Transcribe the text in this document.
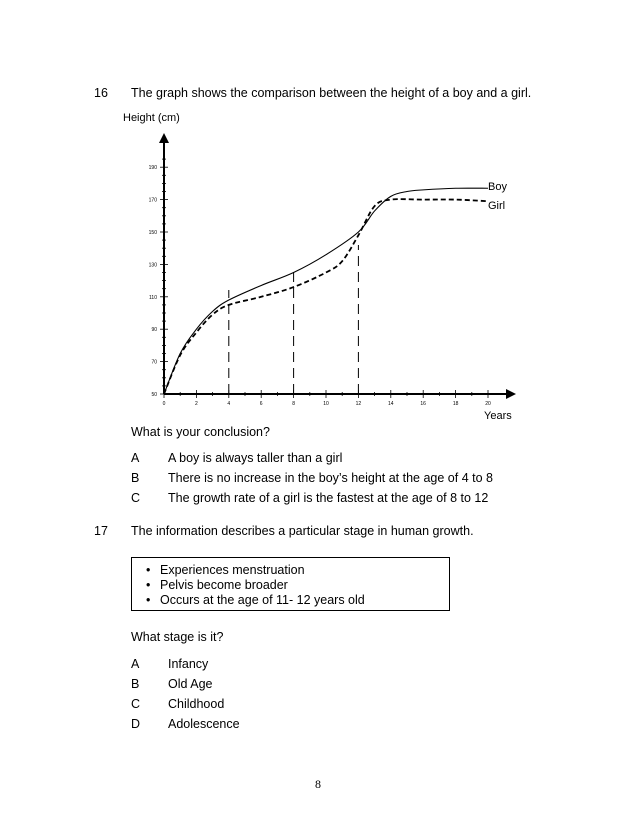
16 The graph shows the comparison between the height of a boy and a girl.
Height (cm)
50
70
90
110
130
150
170
190
0	2	4	6	8	10	12	14	16	18	20
Boy
Girl
Years
What is your conclusion?
A A boy is always taller than a girl
B There is no increase in the boy’s height at the age of 4 to 8
C The growth rate of a girl is the fastest at the age of 8 to 12
17 The information describes a particular stage in human growth.
• Experiences menstruation
• Pelvis become broader
• Occurs at the age of 11- 12 years old
What stage is it?
A Infancy
B Old Age
C Childhood
D Adolescence
8
